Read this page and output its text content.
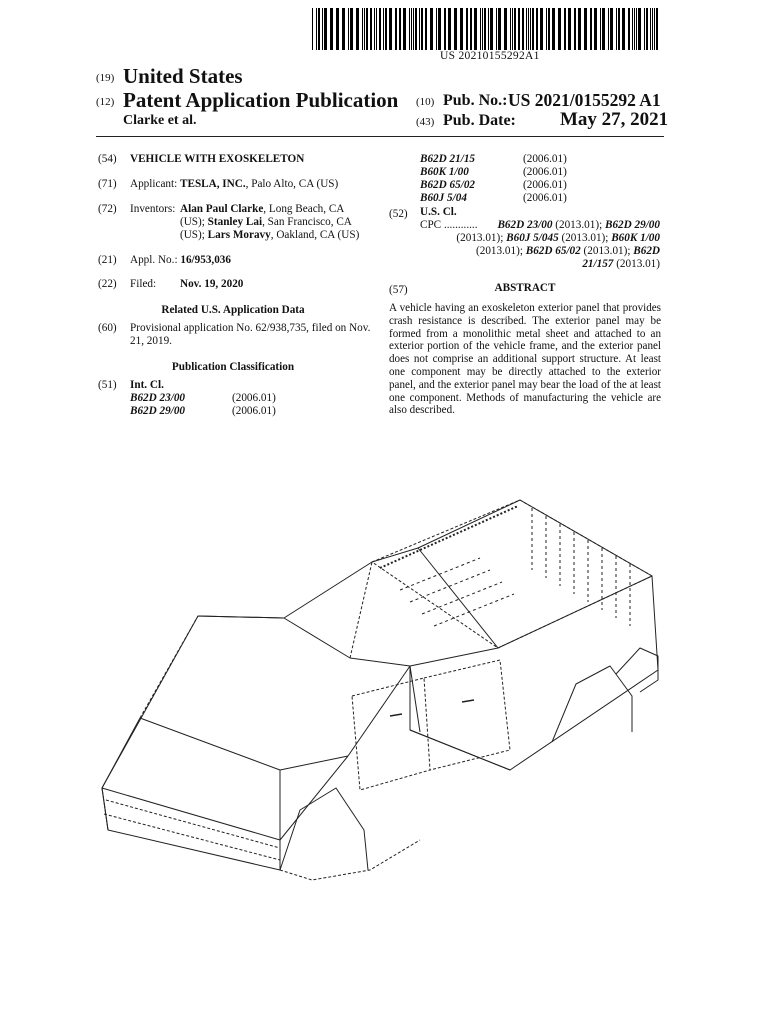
US 20210155292A1
(19) United States
(12) Patent Application Publication
Clarke et al.
(10) Pub. No.: US 2021/0155292 A1
(43) Pub. Date: May 27, 2021
(54) VEHICLE WITH EXOSKELETON
(71) Applicant: TESLA, INC., Palo Alto, CA (US)
(72) Inventors: Alan Paul Clarke, Long Beach, CA
(US); Stanley Lai, San Francisco, CA
(US); Lars Moravy, Oakland, CA (US)
(21) Appl. No.: 16/953,036
(22) Filed: Nov. 19, 2020
Related U.S. Application Data
(60) Provisional application No. 62/938,735, filed on Nov.
21, 2019.
Publication Classification
(51) Int. Cl.
B62D 23/00	(2006.01)
B62D 29/00	(2006.01)
B62D 21/15	(2006.01)
B60K 1/00	(2006.01)
B62D 65/02	(2006.01)
B60J 5/04	(2006.01)
(52) U.S. Cl.
CPC ............ B62D 23/00 (2013.01); B62D 29/00
(2013.01); B60J 5/045 (2013.01); B60K 1/00
(2013.01); B62D 65/02 (2013.01); B62D
21/157 (2013.01)
(57)	ABSTRACT
A vehicle having an exoskeleton exterior panel that provides crash resistance is described. The exterior panel may be formed from a monolithic metal sheet and attached to an exterior portion of the vehicle frame, and the exterior panel does not comprise an additional support structure. At least one component may be directly attached to the exterior panel, and the exterior panel may bear the load of the at least one component. Methods of manufacturing the vehicle are also described.
